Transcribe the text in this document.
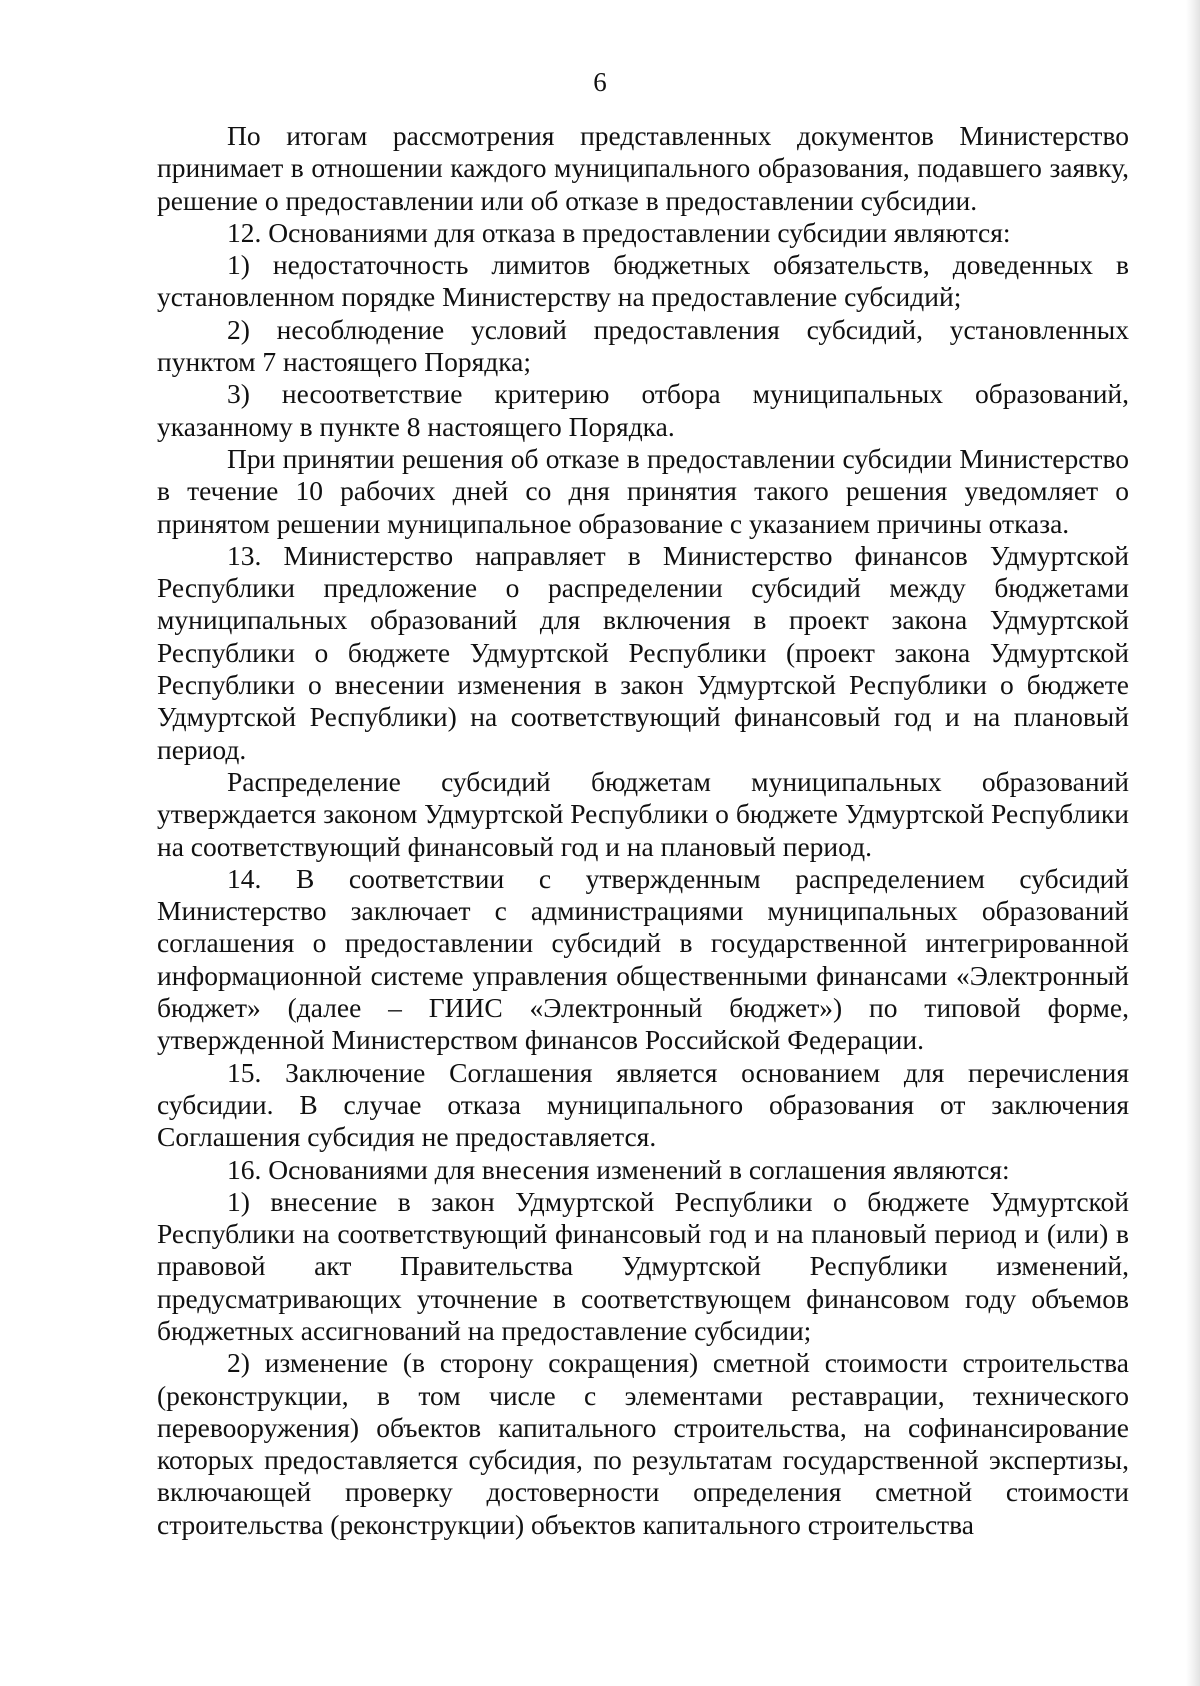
6

По итогам рассмотрения представленных документов Министерство принимает в отношении каждого муниципального образования, подавшего заявку, решение о предоставлении или об отказе в предоставлении субсидии.

12. Основаниями для отказа в предоставлении субсидии являются:

1) недостаточность лимитов бюджетных обязательств, доведенных в установленном порядке Министерству на предоставление субсидий;

2) несоблюдение условий предоставления субсидий, установленных пунктом 7 настоящего Порядка;

3) несоответствие критерию отбора муниципальных образований, указанному в пункте 8 настоящего Порядка.

При принятии решения об отказе в предоставлении субсидии Министерство в течение 10 рабочих дней со дня принятия такого решения уведомляет о принятом решении муниципальное образование с указанием причины отказа.

13. Министерство направляет в Министерство финансов Удмуртской Республики предложение о распределении субсидий между бюджетами муниципальных образований для включения в проект закона Удмуртской Республики о бюджете Удмуртской Республики (проект закона Удмуртской Республики о внесении изменения в закон Удмуртской Республики о бюджете Удмуртской Республики) на соответствующий финансовый год и на плановый период.

Распределение субсидий бюджетам муниципальных образований утверждается законом Удмуртской Республики о бюджете Удмуртской Республики на соответствующий финансовый год и на плановый период.

14. В соответствии с утвержденным распределением субсидий Министерство заключает с администрациями муниципальных образований соглашения о предоставлении субсидий в государственной интегрированной информационной системе управления общественными финансами «Электронный бюджет» (далее – ГИИС «Электронный бюджет») по типовой форме, утвержденной Министерством финансов Российской Федерации.

15. Заключение Соглашения является основанием для перечисления субсидии. В случае отказа муниципального образования от заключения Соглашения субсидия не предоставляется.

16. Основаниями для внесения изменений в соглашения являются:

1) внесение в закон Удмуртской Республики о бюджете Удмуртской Республики на соответствующий финансовый год и на плановый период и (или) в правовой акт Правительства Удмуртской Республики изменений, предусматривающих уточнение в соответствующем финансовом году объемов бюджетных ассигнований на предоставление субсидии;

2) изменение (в сторону сокращения) сметной стоимости строительства (реконструкции, в том числе с элементами реставрации, технического перевооружения) объектов капитального строительства, на софинансирование которых предоставляется субсидия, по результатам государственной экспертизы, включающей проверку достоверности определения сметной стоимости строительства (реконструкции) объектов капитального строительства
